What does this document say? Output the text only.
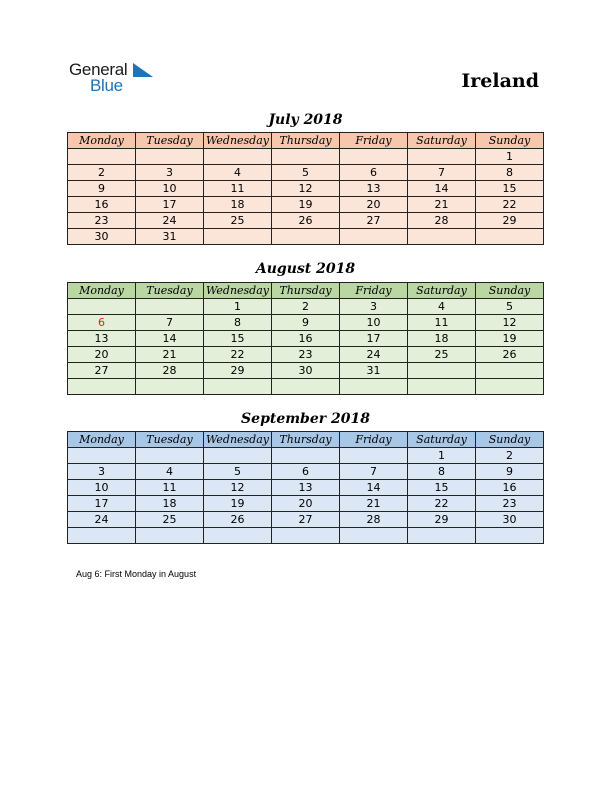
General
Blue	Ireland
July 2018
Monday	Tuesday	Wednesday	Thursday	Friday	Saturday	Sunday
						1
2	3	4	5	6	7	8
9	10	11	12	13	14	15
16	17	18	19	20	21	22
23	24	25	26	27	28	29
30	31					
August 2018
Monday	Tuesday	Wednesday	Thursday	Friday	Saturday	Sunday
		1	2	3	4	5
6	7	8	9	10	11	12
13	14	15	16	17	18	19
20	21	22	23	24	25	26
27	28	29	30	31		

September 2018
Monday	Tuesday	Wednesday	Thursday	Friday	Saturday	Sunday
					1	2
3	4	5	6	7	8	9
10	11	12	13	14	15	16
17	18	19	20	21	22	23
24	25	26	27	28	29	30

Aug 6: First Monday in August
